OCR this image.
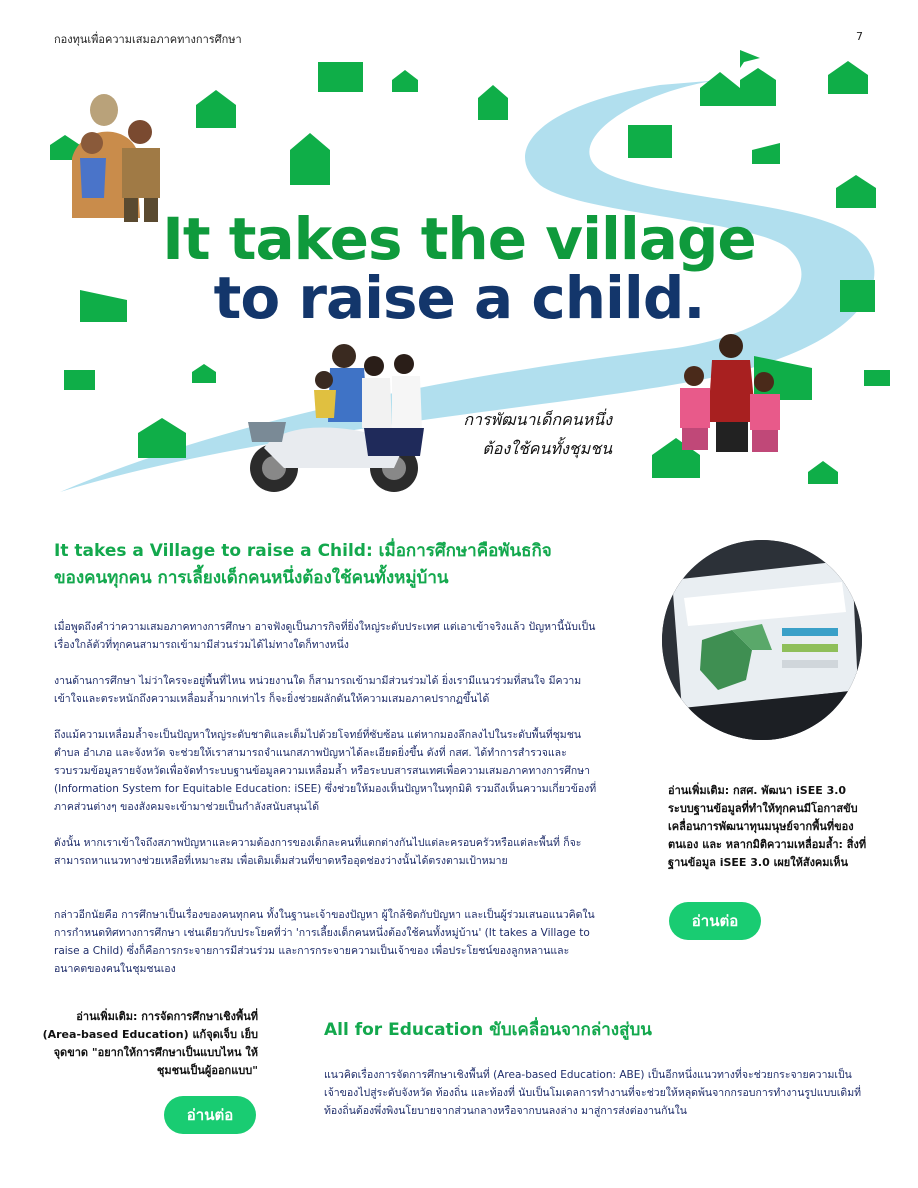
กองทุนเพื่อความเสมอภาคทางการศึกษา	7
It takes the village
to raise a child.
การพัฒนาเด็กคนหนึ่ง
ต้องใช้คนทั้งชุมชน
It takes a Village to raise a Child: เมื่อการศึกษาคือพันธกิจ
ของคนทุกคน การเลี้ยงเด็กคนหนึ่งต้องใช้คนทั้งหมู่บ้าน
เมื่อพูดถึงคำว่าความเสมอภาคทางการศึกษา อาจฟังดูเป็นภารกิจที่ยิ่งใหญ่ระดับประเทศ แต่เอาเข้าจริงแล้ว ปัญหานี้นับเป็นเรื่องใกล้ตัวที่ทุกคนสามารถเข้ามามีส่วนร่วมได้ไม่ทางใดก็ทางหนึ่ง
งานด้านการศึกษา ไม่ว่าใครจะอยู่พื้นที่ไหน หน่วยงานใด ก็สามารถเข้ามามีส่วนร่วมได้ ยิ่งเรามีแนวร่วมที่สนใจ มีความเข้าใจและตระหนักถึงความเหลื่อมล้ำมากเท่าไร ก็จะยิ่งช่วยผลักดันให้ความเสมอภาคปรากฏขึ้นได้
ถึงแม้ความเหลื่อมล้ำจะเป็นปัญหาใหญ่ระดับชาติและเต็มไปด้วยโจทย์ที่ซับซ้อน แต่หากมองลึกลงไปในระดับพื้นที่ชุมชน ตำบล อำเภอ และจังหวัด จะช่วยให้เราสามารถจำแนกสภาพปัญหาได้ละเอียดยิ่งขึ้น ดังที่ กสศ. ได้ทำการสำรวจและรวบรวมข้อมูลรายจังหวัดเพื่อจัดทำระบบฐานข้อมูลความเหลื่อมล้ำ หรือระบบสารสนเทศเพื่อความเสมอภาคทางการศึกษา (Information System for Equitable Education: iSEE) ซึ่งช่วยให้มองเห็นปัญหาในทุกมิติ รวมถึงเห็นความเกี่ยวข้องที่ภาคส่วนต่างๆ ของสังคมจะเข้ามาช่วยเป็นกำลังสนับสนุนได้
ดังนั้น หากเราเข้าใจถึงสภาพปัญหาและความต้องการของเด็กละคนที่แตกต่างกันไปแต่ละครอบครัวหรือแต่ละพื้นที่ ก็จะสามารถหาแนวทางช่วยเหลือที่เหมาะสม เพื่อเติมเต็มส่วนที่ขาดหรืออุดช่องว่างนั้นได้ตรงตามเป้าหมาย
กล่าวอีกนัยคือ การศึกษาเป็นเรื่องของคนทุกคน ทั้งในฐานะเจ้าของปัญหา ผู้ใกล้ชิดกับปัญหา และเป็นผู้ร่วมเสนอแนวคิดในการกำหนดทิศทางการศึกษา เช่นเดียวกับประโยคที่ว่า 'การเลี้ยงเด็กคนหนึ่งต้องใช้คนทั้งหมู่บ้าน' (It takes a Village to raise a Child) ซึ่งก็คือการกระจายการมีส่วนร่วม และการกระจายความเป็นเจ้าของ เพื่อประโยชน์ของลูกหลานและอนาคตของคนในชุมชนเอง
อ่านเพิ่มเติม: กสศ. พัฒนา iSEE 3.0 ระบบฐานข้อมูลที่ทำให้ทุกคนมีโอกาสขับเคลื่อนการพัฒนาทุนมนุษย์จากพื้นที่ของตนเอง และ หลากมิติความเหลื่อมล้ำ: สิ่งที่ฐานข้อมูล iSEE 3.0 เผยให้สังคมเห็น
อ่านต่อ
อ่านเพิ่มเติม: การจัดการศึกษาเชิงพื้นที่ (Area-based Education) แก้จุดเจ็บ เย็บจุดขาด "อยากให้การศึกษาเป็นแบบไหน ให้ชุมชนเป็นผู้ออกแบบ"
อ่านต่อ
All for Education ขับเคลื่อนจากล่างสู่บน
แนวคิดเรื่องการจัดการศึกษาเชิงพื้นที่ (Area-based Education: ABE) เป็นอีกหนึ่งแนวทางที่จะช่วยกระจายความเป็นเจ้าของไปสู่ระดับจังหวัด ท้องถิ่น และท้องที่ นับเป็นโมเดลการทำงานที่จะช่วยให้หลุดพ้นจากกรอบการทำงานรูปแบบเดิมที่ท้องถิ่นต้องพึ่งพิงนโยบายจากส่วนกลางหรือจากบนลงล่าง มาสู่การส่งต่องานกันใน
